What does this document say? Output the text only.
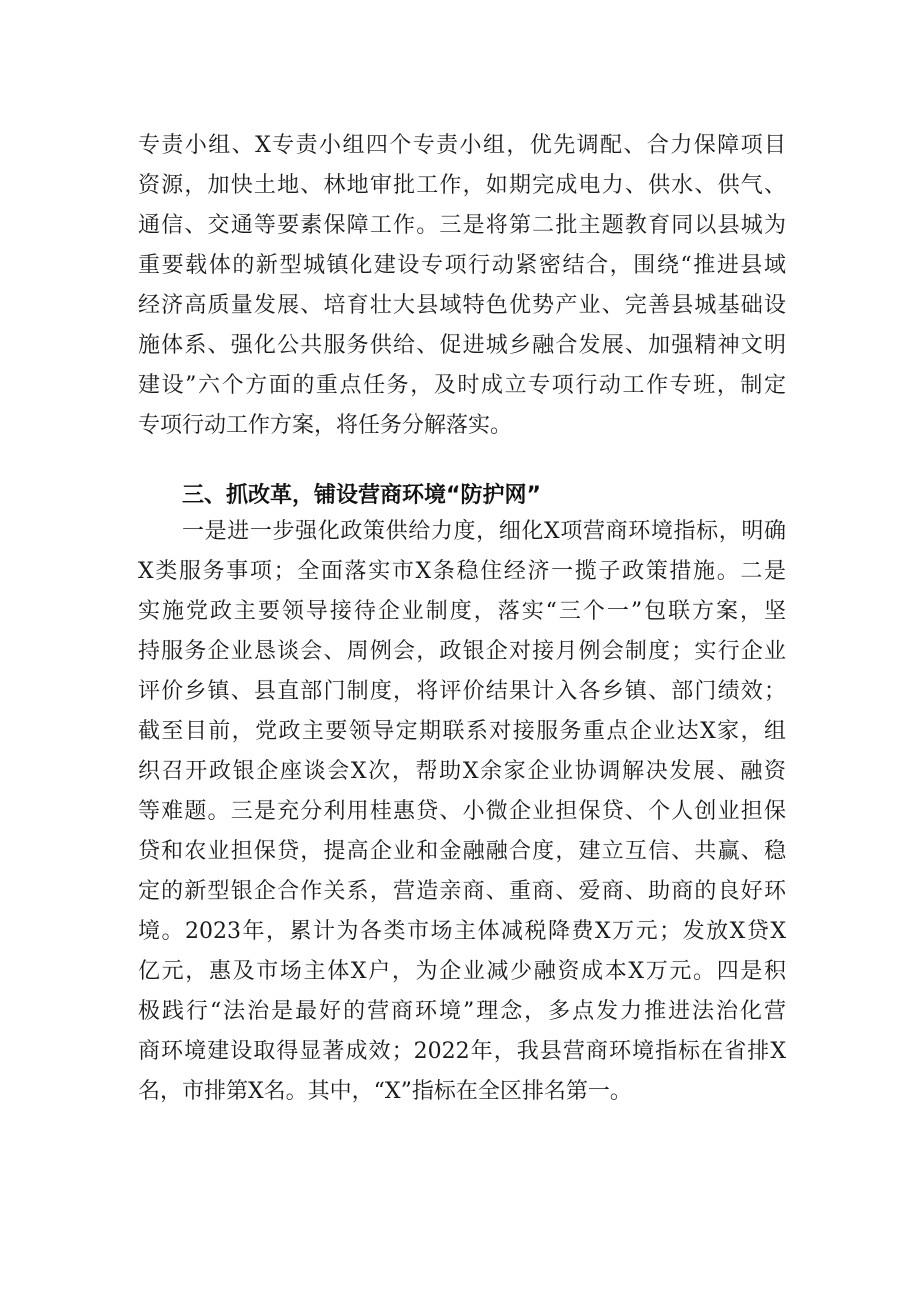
专责小组、X专责小组四个专责小组，优先调配、合力保障项目
资源，加快土地、林地审批工作，如期完成电力、供水、供气、
通信、交通等要素保障工作。三是将第二批主题教育同以县城为
重要载体的新型城镇化建设专项行动紧密结合，围绕“推进县域
经济高质量发展、培育壮大县域特色优势产业、完善县城基础设
施体系、强化公共服务供给、促进城乡融合发展、加强精神文明
建设”六个方面的重点任务，及时成立专项行动工作专班，制定
专项行动工作方案，将任务分解落实。
三、抓改革，铺设营商环境“防护网”
一是进一步强化政策供给力度，细化X项营商环境指标，明确
X类服务事项；全面落实市X条稳住经济一揽子政策措施。二是
实施党政主要领导接待企业制度，落实“三个一”包联方案，坚
持服务企业恳谈会、周例会，政银企对接月例会制度；实行企业
评价乡镇、县直部门制度，将评价结果计入各乡镇、部门绩效；
截至目前，党政主要领导定期联系对接服务重点企业达X家，组
织召开政银企座谈会X次，帮助X余家企业协调解决发展、融资
等难题。三是充分利用桂惠贷、小微企业担保贷、个人创业担保
贷和农业担保贷，提高企业和金融融合度，建立互信、共赢、稳
定的新型银企合作关系，营造亲商、重商、爱商、助商的良好环
境。2023年，累计为各类市场主体减税降费X万元；发放X贷X
亿元，惠及市场主体X户，为企业减少融资成本X万元。四是积
极践行“法治是最好的营商环境”理念，多点发力推进法治化营
商环境建设取得显著成效；2022年，我县营商环境指标在省排X
名，市排第X名。其中，“X”指标在全区排名第一。
